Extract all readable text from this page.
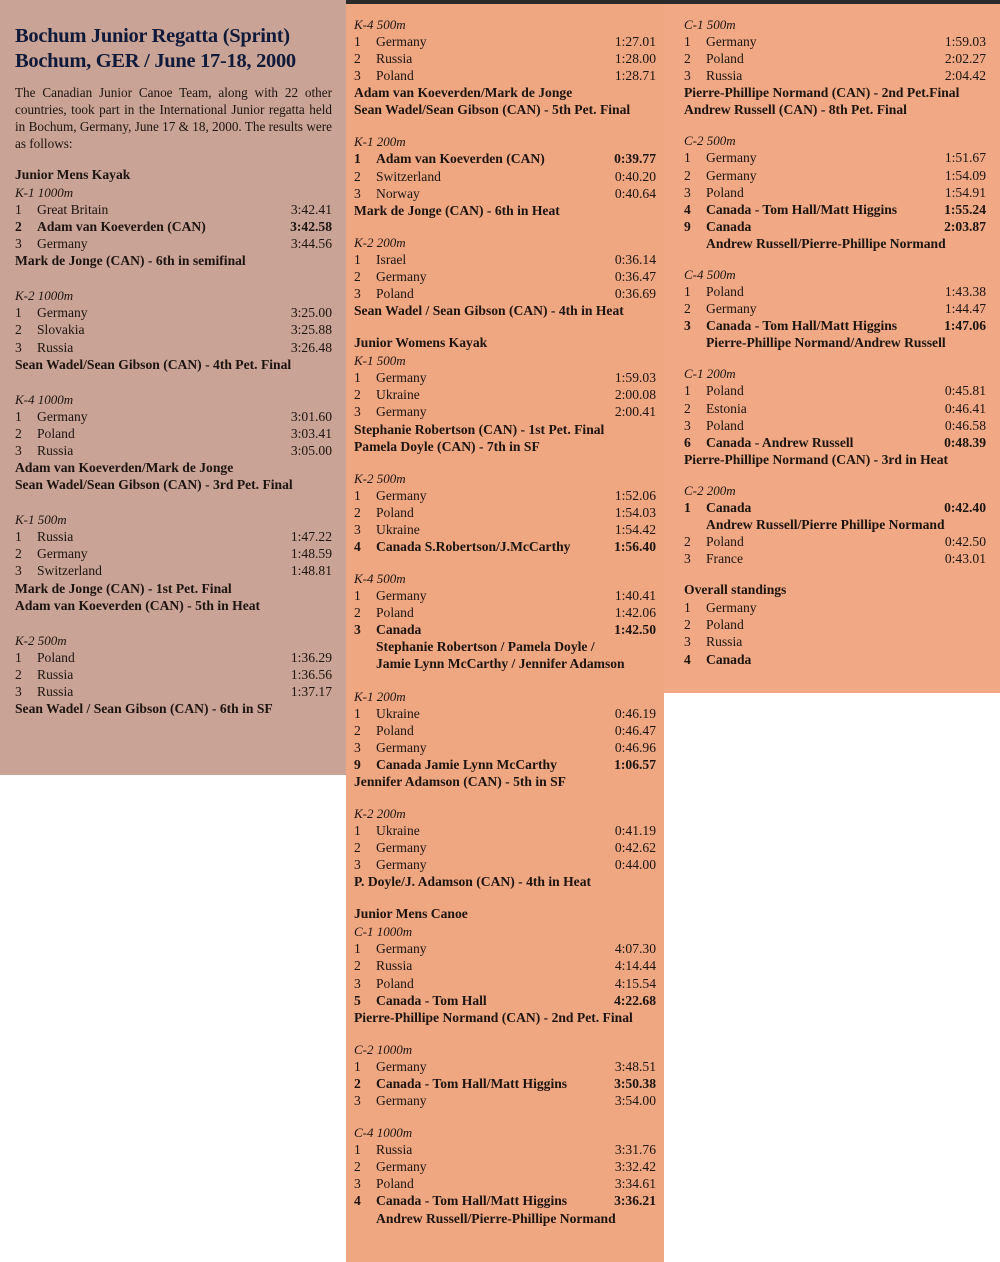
Bochum Junior Regatta (Sprint)
Bochum, GER / June 17-18, 2000
The Canadian Junior Canoe Team, along with 22 other countries, took part in the International Junior regatta held in Bochum, Germany, June 17 & 18, 2000. The results were as follows:
Junior Mens Kayak
K-1 1000m
1	Great Britain	3:42.41
2	Adam van Koeverden (CAN)	3:42.58
3	Germany	3:44.56
Mark de Jonge (CAN) - 6th in semifinal
K-2 1000m
1	Germany	3:25.00
2	Slovakia	3:25.88
3	Russia	3:26.48
Sean Wadel/Sean Gibson (CAN) - 4th Pet. Final
K-4 1000m
1	Germany	3:01.60
2	Poland	3:03.41
3	Russia	3:05.00
Adam van Koeverden/Mark de Jonge
Sean Wadel/Sean Gibson (CAN) - 3rd Pet. Final
K-1 500m
1	Russia	1:47.22
2	Germany	1:48.59
3	Switzerland	1:48.81
Mark de Jonge (CAN) - 1st Pet. Final
Adam van Koeverden (CAN) - 5th in Heat
K-2 500m
1	Poland	1:36.29
2	Russia	1:36.56
3	Russia	1:37.17
Sean Wadel / Sean Gibson (CAN) - 6th in SF
K-4 500m
1	Germany	1:27.01
2	Russia	1:28.00
3	Poland	1:28.71
Adam van Koeverden/Mark de Jonge
Sean Wadel/Sean Gibson (CAN) - 5th Pet. Final
K-1 200m
1	Adam van Koeverden (CAN)	0:39.77
2	Switzerland	0:40.20
3	Norway	0:40.64
Mark de Jonge (CAN) - 6th in Heat
K-2 200m
1	Israel	0:36.14
2	Germany	0:36.47
3	Poland	0:36.69
Sean Wadel / Sean Gibson (CAN) - 4th in Heat
Junior Womens Kayak
K-1 500m
1	Germany	1:59.03
2	Ukraine	2:00.08
3	Germany	2:00.41
Stephanie Robertson (CAN) - 1st Pet. Final
Pamela Doyle (CAN) - 7th in SF
K-2 500m
1	Germany	1:52.06
2	Poland	1:54.03
3	Ukraine	1:54.42
4	Canada S.Robertson/J.McCarthy	1:56.40
K-4 500m
1	Germany	1:40.41
2	Poland	1:42.06
3	Canada	1:42.50
Stephanie Robertson / Pamela Doyle /
Jamie Lynn McCarthy / Jennifer Adamson
K-1 200m
1	Ukraine	0:46.19
2	Poland	0:46.47
3	Germany	0:46.96
9	Canada Jamie Lynn McCarthy	1:06.57
Jennifer Adamson (CAN) - 5th in SF
K-2 200m
1	Ukraine	0:41.19
2	Germany	0:42.62
3	Germany	0:44.00
P. Doyle/J. Adamson (CAN) - 4th in Heat
Junior Mens Canoe
C-1 1000m
1	Germany	4:07.30
2	Russia	4:14.44
3	Poland	4:15.54
5	Canada - Tom Hall	4:22.68
Pierre-Phillipe Normand (CAN) - 2nd Pet. Final
C-2 1000m
1	Germany	3:48.51
2	Canada - Tom Hall/Matt Higgins	3:50.38
3	Germany	3:54.00
C-4 1000m
1	Russia	3:31.76
2	Germany	3:32.42
3	Poland	3:34.61
4	Canada - Tom Hall/Matt Higgins	3:36.21
Andrew Russell/Pierre-Phillipe Normand
C-1 500m
1	Germany	1:59.03
2	Poland	2:02.27
3	Russia	2:04.42
Pierre-Phillipe Normand (CAN) - 2nd Pet.Final
Andrew Russell (CAN) - 8th Pet. Final
C-2 500m
1	Germany	1:51.67
2	Germany	1:54.09
3	Poland	1:54.91
4	Canada - Tom Hall/Matt Higgins	1:55.24
9	Canada	2:03.87
Andrew Russell/Pierre-Phillipe Normand
C-4 500m
1	Poland	1:43.38
2	Germany	1:44.47
3	Canada - Tom Hall/Matt Higgins	1:47.06
Pierre-Phillipe Normand/Andrew Russell
C-1 200m
1	Poland	0:45.81
2	Estonia	0:46.41
3	Poland	0:46.58
6	Canada - Andrew Russell	0:48.39
Pierre-Phillipe Normand (CAN) - 3rd in Heat
C-2 200m
1	Canada	0:42.40
Andrew Russell/Pierre Phillipe Normand
2	Poland	0:42.50
3	France	0:43.01
Overall standings
1	Germany
2	Poland
3	Russia
4	Canada
